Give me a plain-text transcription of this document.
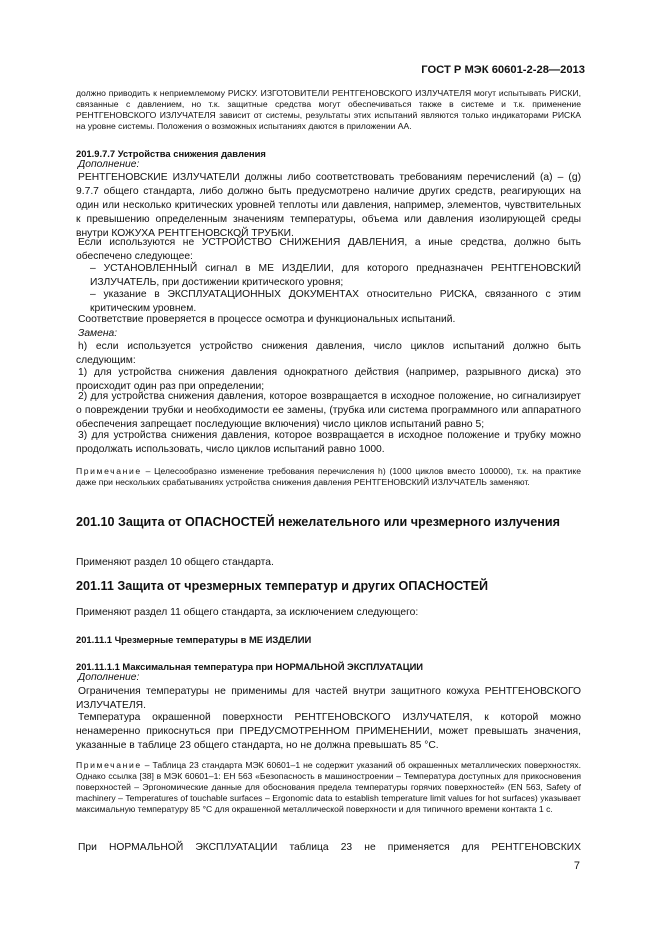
ГОСТ Р МЭК 60601-2-28—2013

должно приводить к неприемлемому РИСКУ. ИЗГОТОВИТЕЛИ РЕНТГЕНОВСКОГО ИЗЛУЧАТЕЛЯ могут испытывать РИСКИ, связанные с давлением, но т.к. защитные средства могут обеспечиваться также в системе и т.к. применение РЕНТГЕНОВСКОГО ИЗЛУЧАТЕЛЯ зависит от системы, результаты этих испытаний являются только индикаторами РИСКА на уровне системы. Положения о возможных испытаниях даются в приложении АА.

201.9.7.7 Устройства снижения давления
Дополнение:

РЕНТГЕНОВСКИЕ ИЗЛУЧАТЕЛИ должны либо соответствовать требованиям перечислений (а) – (g) 9.7.7 общего стандарта, либо должно быть предусмотрено наличие других средств, реагирующих на один или несколько критических уровней теплоты или давления, например, элементов, чувствительных к превышению определенным значениям температуры, объема или давления изолирующей среды внутри КОЖУХА РЕНТГЕНОВСКОЙ ТРУБКИ.

Если используются не УСТРОЙСТВО СНИЖЕНИЯ ДАВЛЕНИЯ, а иные средства, должно быть обеспечено следующее:

– УСТАНОВЛЕННЫЙ сигнал в МЕ ИЗДЕЛИИ, для которого предназначен РЕНТГЕНОВСКИЙ ИЗЛУЧАТЕЛЬ, при достижении критического уровня;

– указание в ЭКСПЛУАТАЦИОННЫХ ДОКУМЕНТАХ относительно РИСКА, связанного с этим критическим уровнем.

Соответствие проверяется в процессе осмотра и функциональных испытаний.

Замена:

h) если используется устройство снижения давления, число циклов испытаний должно быть следующим:

1) для устройства снижения давления однократного действия (например, разрывного диска) это происходит один раз при определении;

2) для устройства снижения давления, которое возвращается в исходное положение, но сигнализирует о повреждении трубки и необходимости ее замены, (трубка или система программного или аппаратного обеспечения запрещает последующие включения) число циклов испытаний равно 5;

3) для устройства снижения давления, которое возвращается в исходное положение и трубку можно продолжать использовать, число циклов испытаний равно 1000.

Примечание – Целесообразно изменение требования перечисления h) (1000 циклов вместо 100000), т.к. на практике даже при нескольких срабатываниях устройства снижения давления РЕНТГЕНОВСКИЙ ИЗЛУЧАТЕЛЬ заменяют.

201.10 Защита от ОПАСНОСТЕЙ нежелательного или чрезмерного излучения

Применяют раздел 10 общего стандарта.

201.11 Защита от чрезмерных температур и других ОПАСНОСТЕЙ

Применяют раздел 11 общего стандарта, за исключением следующего:

201.11.1 Чрезмерные температуры в МЕ ИЗДЕЛИИ
201.11.1.1 Максимальная температура при НОРМАЛЬНОЙ ЭКСПЛУАТАЦИИ
Дополнение:

Ограничения температуры не применимы для частей внутри защитного кожуха РЕНТГЕНОВСКОГО ИЗЛУЧАТЕЛЯ.

Температура окрашенной поверхности РЕНТГЕНОВСКОГО ИЗЛУЧАТЕЛЯ, к которой можно ненамеренно прикоснуться при ПРЕДУСМОТРЕННОМ ПРИМЕНЕНИИ, может превышать значения, указанные в таблице 23 общего стандарта, но не должна превышать 85 °С.

Примечание – Таблица 23 стандарта МЭК 60601–1 не содержит указаний об окрашенных металлических поверхностях. Однако ссылка [38] в МЭК 60601–1: EH 563 «Безопасность в машиностроении – Температура доступных для прикосновения поверхностей – Эргономические данные для обоснования предела температуры горячих поверхностей» (EN 563, Safety of machinery – Temperatures of touchable surfaces – Ergonomic data to establish temperature limit values for hot surfaces) указывает максимальную температуру 85 °С для окрашенной металлической поверхности и для типичного времени контакта 1 с.

При НОРМАЛЬНОЙ ЭКСПЛУАТАЦИИ таблица 23 не применяется для РЕНТГЕНОВСКИХ

7
